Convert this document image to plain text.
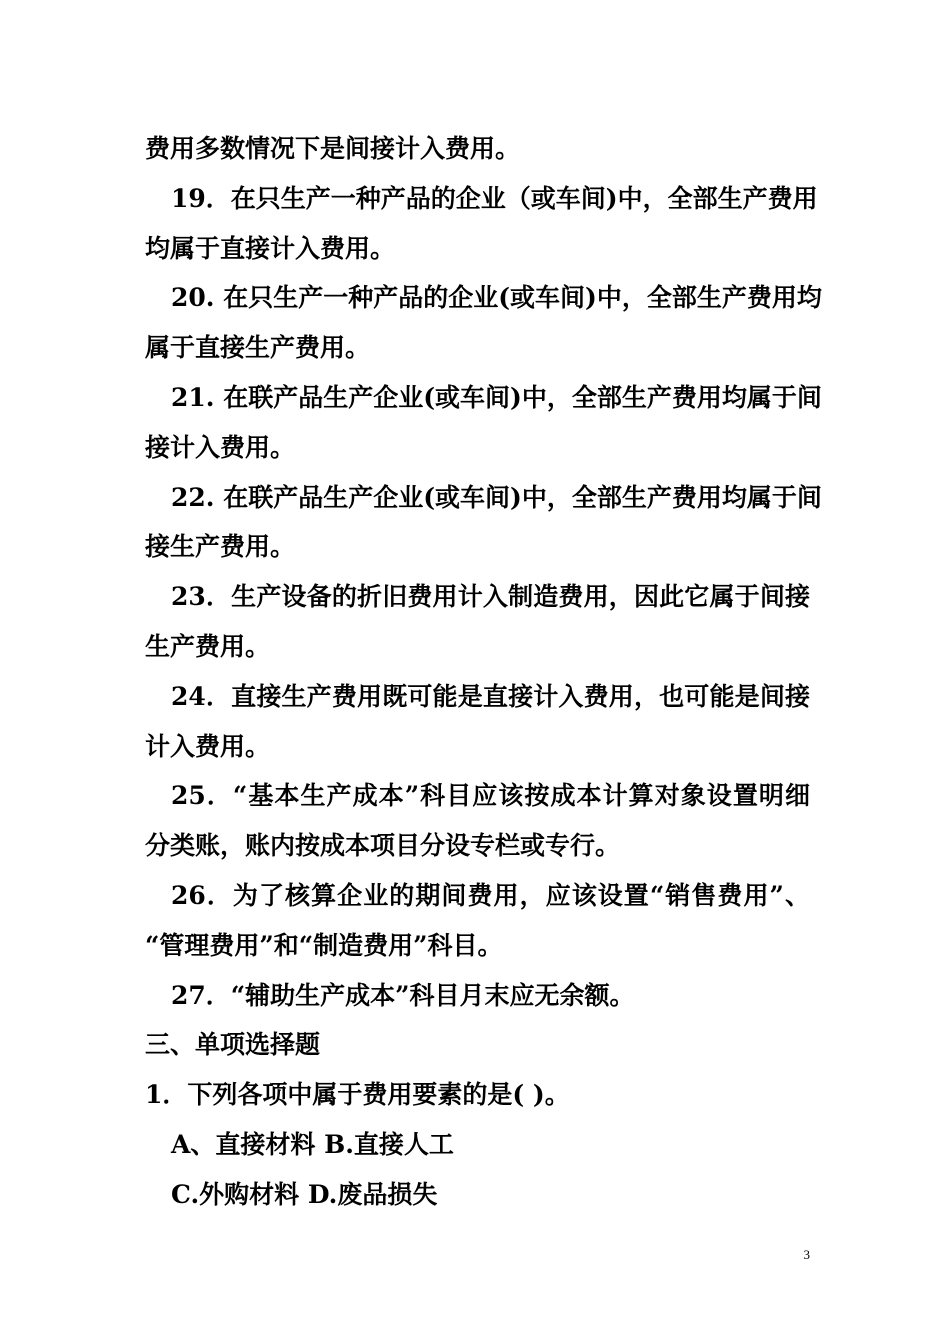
费用多数情况下是间接计入费用。
19．在只生产一种产品的企业（或车间)中，全部生产费用
均属于直接计入费用。
20. 在只生产一种产品的企业(或车间)中，全部生产费用均
属于直接生产费用。
21. 在联产品生产企业(或车间)中，全部生产费用均属于间
接计入费用。
22. 在联产品生产企业(或车间)中，全部生产费用均属于间
接生产费用。
23．生产设备的折旧费用计入制造费用，因此它属于间接
生产费用。
24．直接生产费用既可能是直接计入费用，也可能是间接
计入费用。
25．“基本生产成本”科目应该按成本计算对象设置明细
分类账，账内按成本项目分设专栏或专行。
26．为了核算企业的期间费用，应该设置“销售费用”、
“管理费用”和“制造费用”科目。
27．“辅助生产成本”科目月末应无余额。
三、单项选择题
1．下列各项中属于费用要素的是( )。
A、直接材料 B.直接人工
C.外购材料 D.废品损失
3
